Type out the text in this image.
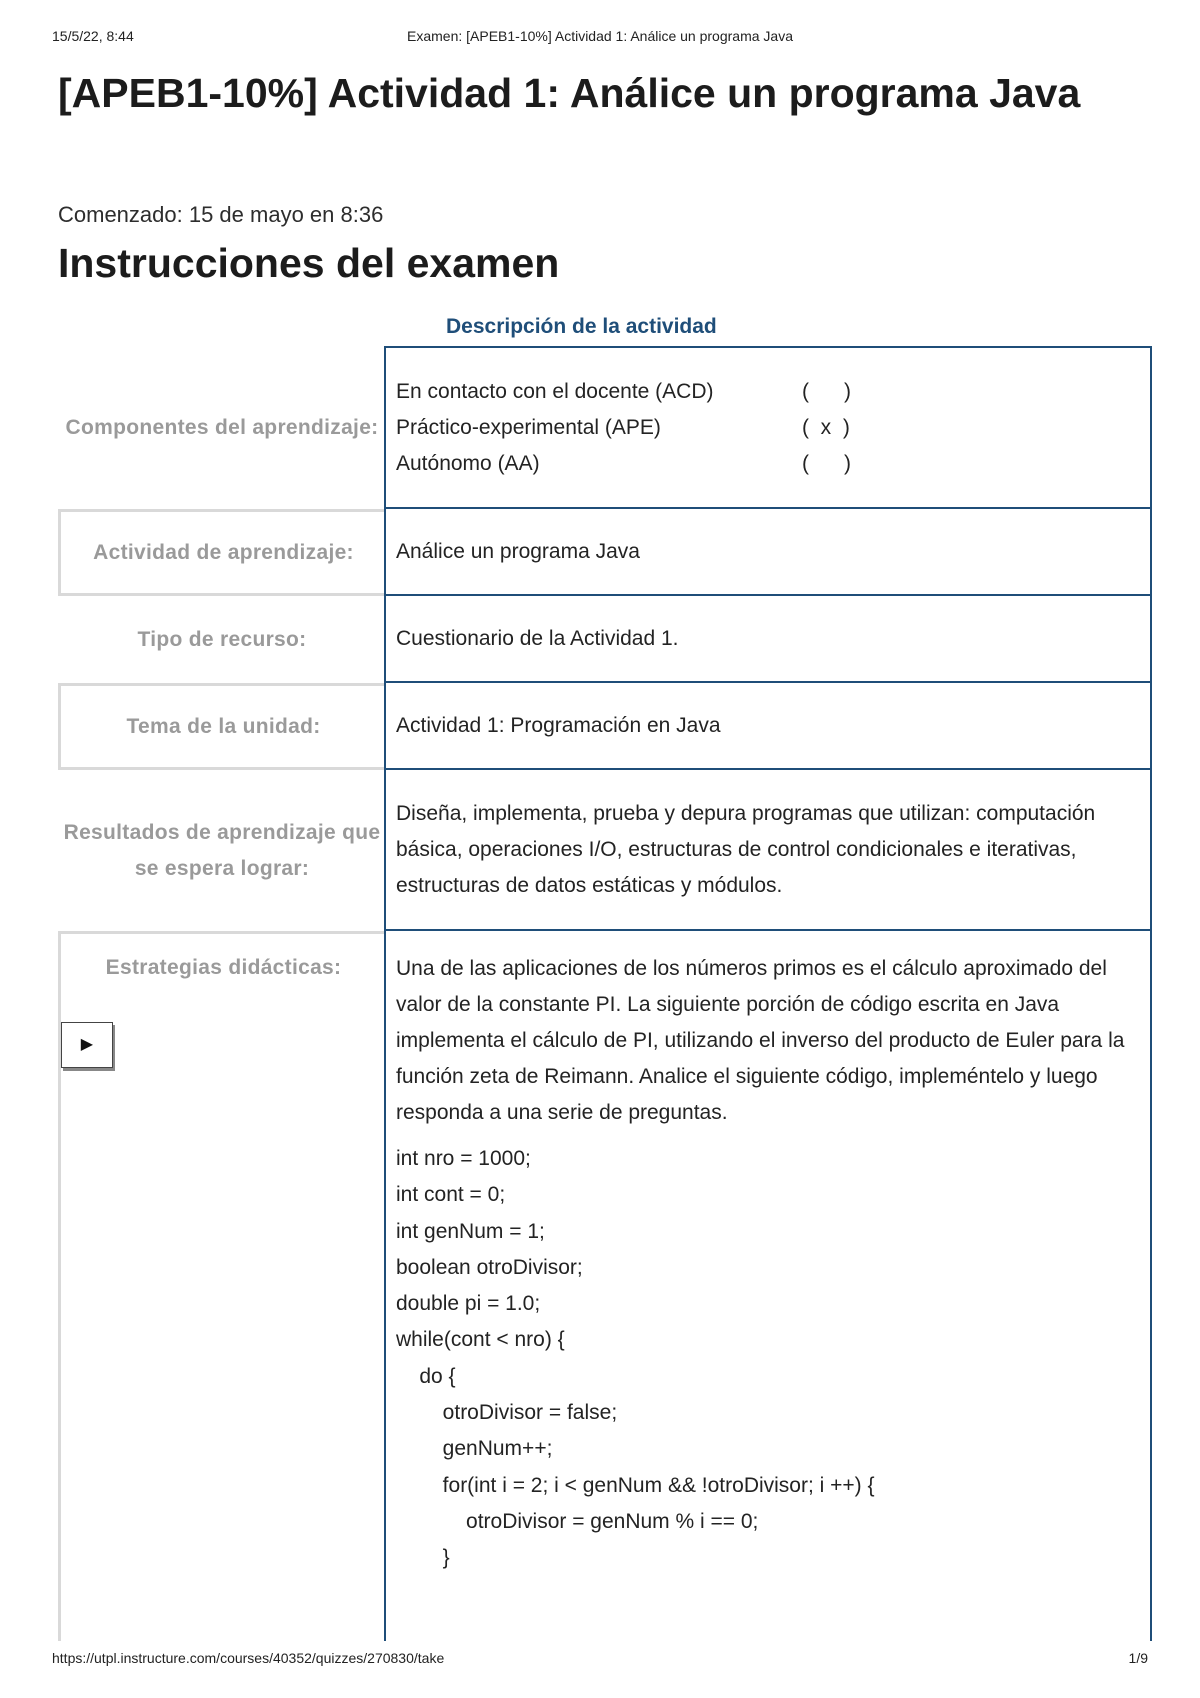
15/5/22, 8:44	Examen: [APEB1-10%] Actividad 1: Análice un programa Java
[APEB1-10%] Actividad 1: Análice un programa Java
Comenzado: 15 de mayo en 8:36
Instrucciones del examen
Descripción de la actividad
Componentes del aprendizaje:
En contacto con el docente (ACD)	(      )
Práctico-experimental (APE)	(  x  )
Autónomo (AA)	(      )
Actividad de aprendizaje:	Análice un programa Java
Tipo de recurso:	Cuestionario de la Actividad 1.
Tema de la unidad:	Actividad 1: Programación en Java
Resultados de aprendizaje que se espera lograr:
Diseña, implementa, prueba y depura programas que utilizan: computación básica, operaciones I/O, estructuras de control condicionales e iterativas, estructuras de datos estáticas y módulos.
Estrategias didácticas:
▶
Una de las aplicaciones de los números primos es el cálculo aproximado del valor de la constante PI. La siguiente porción de código escrita en Java implementa el cálculo de PI, utilizando el inverso del producto de Euler para la función zeta de Reimann. Analice el siguiente código, impleméntelo y luego responda a una serie de preguntas.
int nro = 1000;
int cont = 0;
int genNum = 1;
boolean otroDivisor;
double pi = 1.0;
while(cont < nro) {
do {
otroDivisor = false;
genNum++;
for(int i = 2; i < genNum && !otroDivisor; i ++) {
otroDivisor = genNum % i == 0;
}
https://utpl.instructure.com/courses/40352/quizzes/270830/take	1/9
